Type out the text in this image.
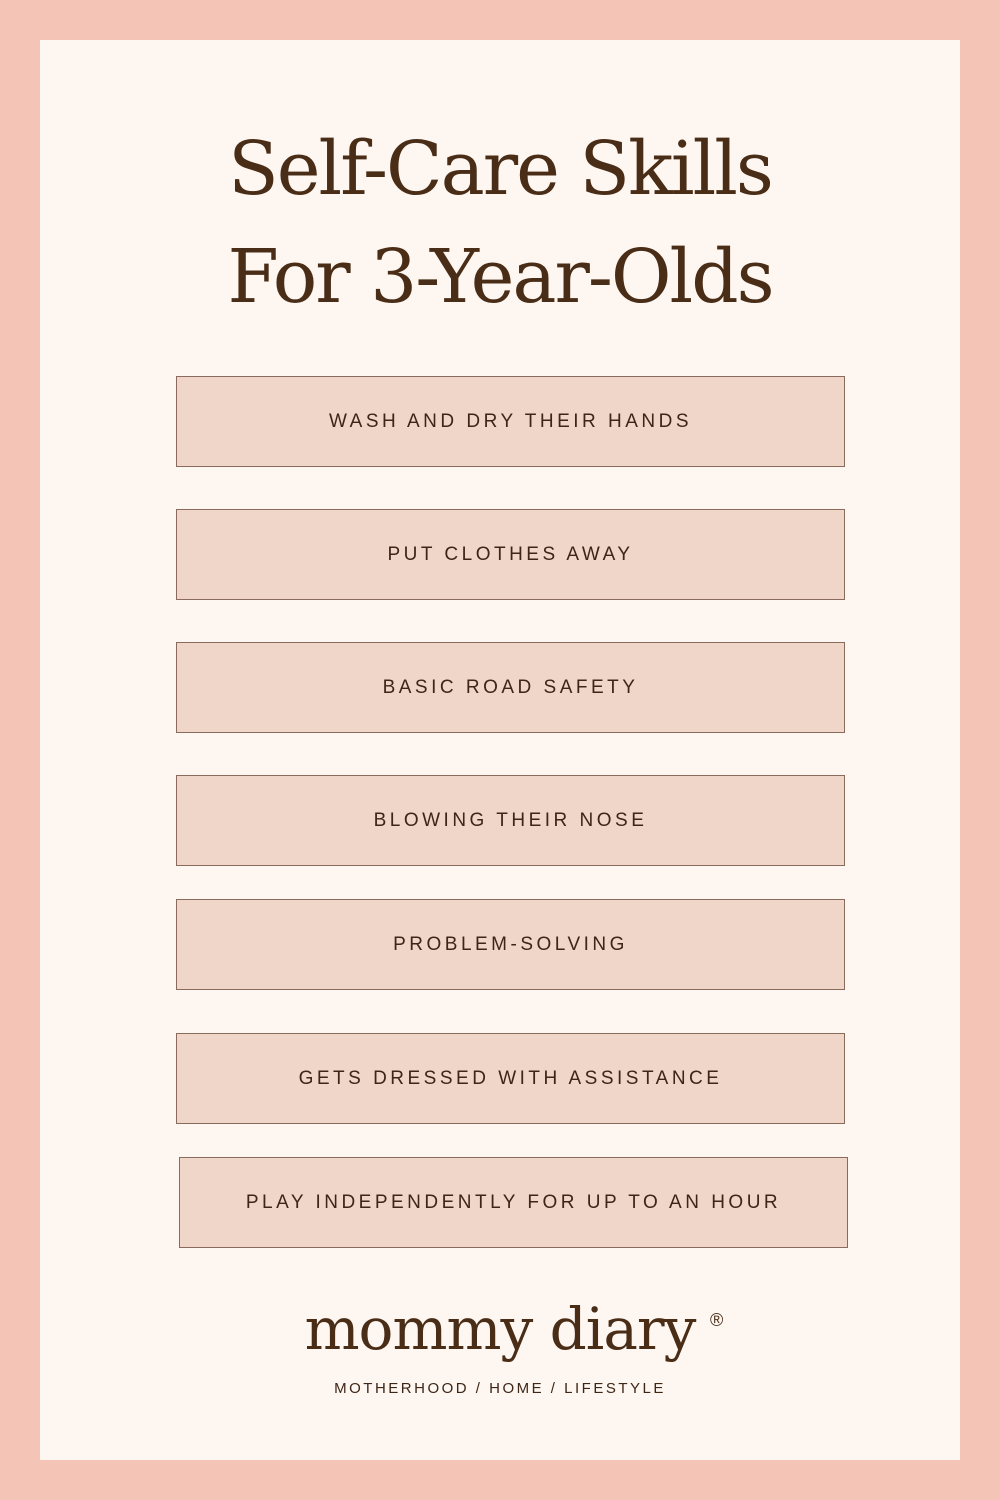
Self-Care Skills
For 3-Year-Olds
WASH AND DRY THEIR HANDS
PUT CLOTHES AWAY
BASIC ROAD SAFETY
BLOWING THEIR NOSE
PROBLEM-SOLVING
GETS DRESSED WITH ASSISTANCE
PLAY INDEPENDENTLY FOR UP TO AN HOUR
mommy diary ®
MOTHERHOOD / HOME / LIFESTYLE
